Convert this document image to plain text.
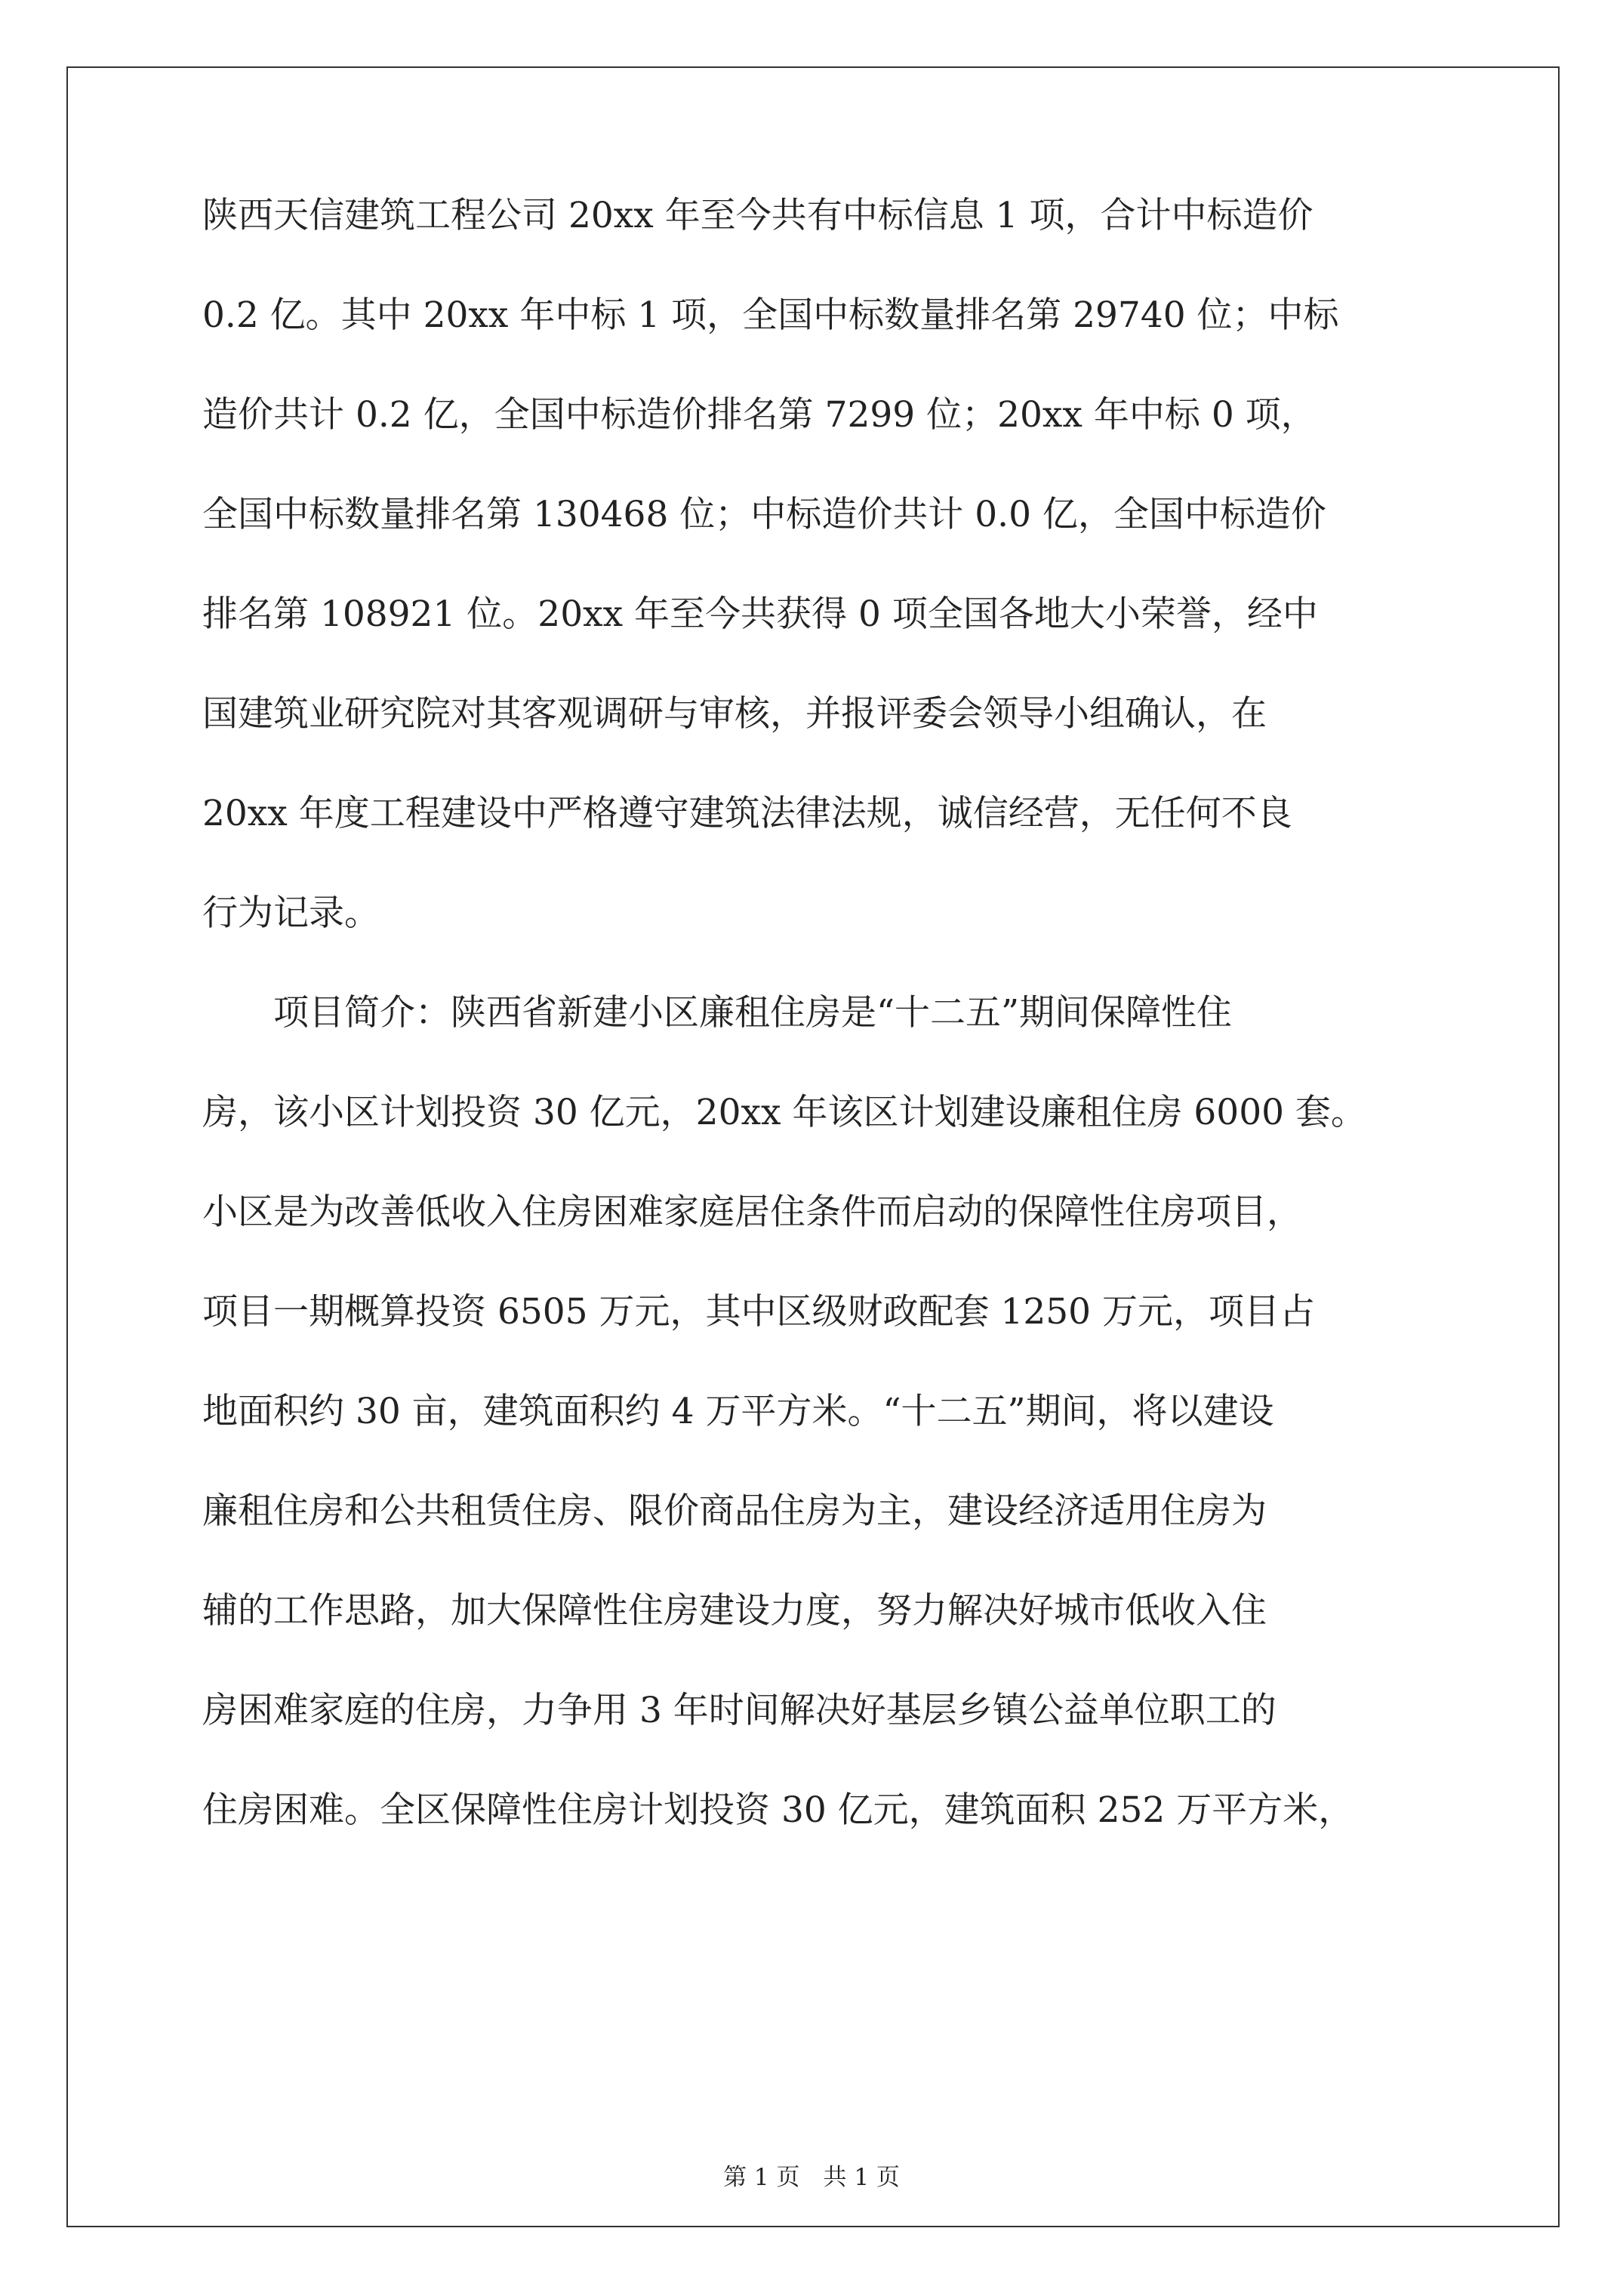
陕西天信建筑工程公司 20xx 年至今共有中标信息 1 项，合计中标造价
0.2 亿。其中 20xx 年中标 1 项，全国中标数量排名第 29740 位；中标
造价共计 0.2 亿，全国中标造价排名第 7299 位；20xx 年中标 0 项，
全国中标数量排名第 130468 位；中标造价共计 0.0 亿，全国中标造价
排名第 108921 位。20xx 年至今共获得 0 项全国各地大小荣誉，经中
国建筑业研究院对其客观调研与审核，并报评委会领导小组确认，在
20xx 年度工程建设中严格遵守建筑法律法规，诚信经营，无任何不良
行为记录。
项目简介：陕西省新建小区廉租住房是“十二五”期间保障性住
房，该小区计划投资 30 亿元，20xx 年该区计划建设廉租住房 6000 套。
小区是为改善低收入住房困难家庭居住条件而启动的保障性住房项目，
项目一期概算投资 6505 万元，其中区级财政配套 1250 万元，项目占
地面积约 30 亩，建筑面积约 4 万平方米。“十二五”期间，将以建设
廉租住房和公共租赁住房、限价商品住房为主，建设经济适用住房为
辅的工作思路，加大保障性住房建设力度，努力解决好城市低收入住
房困难家庭的住房，力争用 3 年时间解决好基层乡镇公益单位职工的
住房困难。全区保障性住房计划投资 30 亿元，建筑面积 252 万平方米，
第 1 页　共 1 页
